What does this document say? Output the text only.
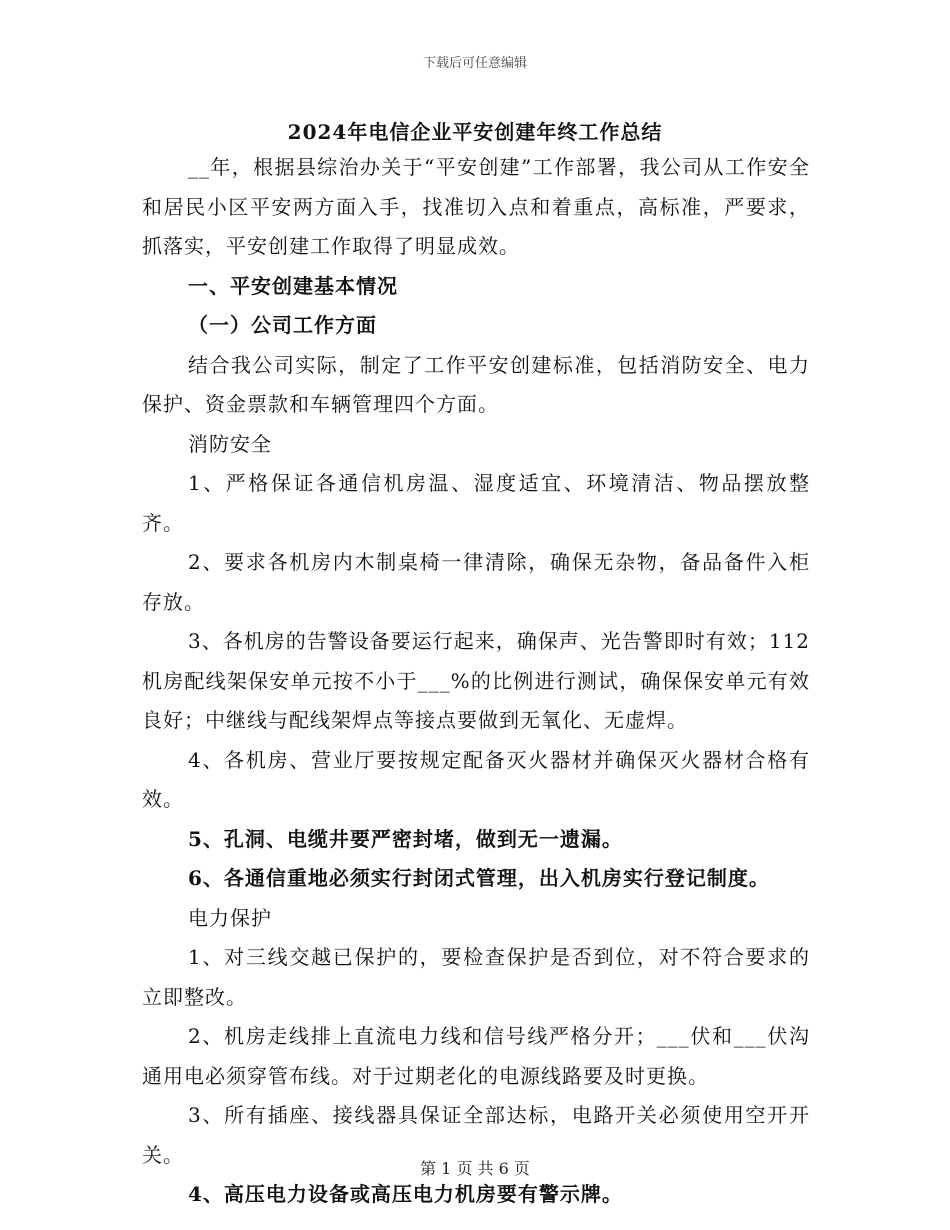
下载后可任意编辑
2024年电信企业平安创建年终工作总结

__年，根据县综治办关于“平安创建”工作部署，我公司从工作安全和居民小区平安两方面入手，找准切入点和着重点，高标准，严要求，抓落实，平安创建工作取得了明显成效。

一、平安创建基本情况

（一）公司工作方面

结合我公司实际，制定了工作平安创建标准，包括消防安全、电力保护、资金票款和车辆管理四个方面。

消防安全

1、严格保证各通信机房温、湿度适宜、环境清洁、物品摆放整齐。

2、要求各机房内木制桌椅一律清除，确保无杂物，备品备件入柜存放。

3、各机房的告警设备要运行起来，确保声、光告警即时有效；112机房配线架保安单元按不小于___%的比例进行测试，确保保安单元有效良好；中继线与配线架焊点等接点要做到无氧化、无虚焊。

4、各机房、营业厅要按规定配备灭火器材并确保灭火器材合格有效。

5、孔洞、电缆井要严密封堵，做到无一遗漏。

6、各通信重地必须实行封闭式管理，出入机房实行登记制度。

电力保护

1、对三线交越已保护的，要检查保护是否到位，对不符合要求的立即整改。

2、机房走线排上直流电力线和信号线严格分开；___伏和___伏沟通用电必须穿管布线。对于过期老化的电源线路要及时更换。

3、所有插座、接线器具保证全部达标，电路开关必须使用空开开关。

4、高压电力设备或高压电力机房要有警示牌。

第 1 页 共 6 页
